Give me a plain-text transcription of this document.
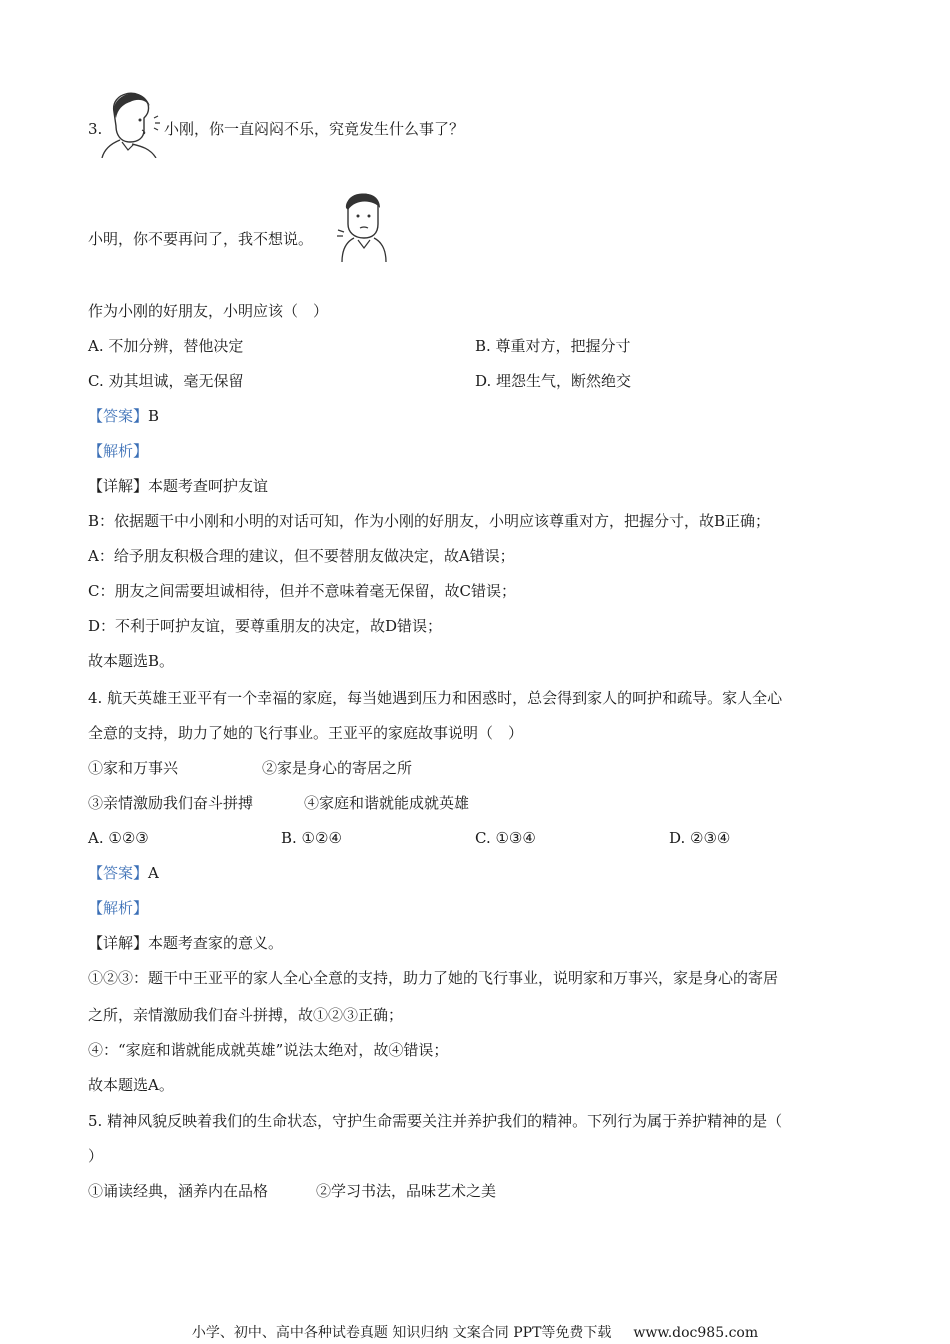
3.	小刚，你一直闷闷不乐，究竟发生什么事了？
小明，你不要再问了，我不想说。
作为小刚的好朋友，小明应该（　）
A. 不加分辨，替他决定	B. 尊重对方，把握分寸
C. 劝其坦诚，毫无保留	D. 埋怨生气，断然绝交
【答案】B
【解析】
【详解】本题考查呵护友谊
B：依据题干中小刚和小明的对话可知，作为小刚的好朋友，小明应该尊重对方，把握分寸，故B正确；
A：给予朋友积极合理的建议，但不要替朋友做决定，故A错误；
C：朋友之间需要坦诚相待，但并不意味着毫无保留，故C错误；
D：不利于呵护友谊，要尊重朋友的决定，故D错误；
故本题选B。
4. 航天英雄王亚平有一个幸福的家庭，每当她遇到压力和困惑时，总会得到家人的呵护和疏导。家人全心
全意的支持，助力了她的飞行事业。王亚平的家庭故事说明（　）
①家和万事兴	②家是身心的寄居之所
③亲情激励我们奋斗拼搏	④家庭和谐就能成就英雄
A. ①②③	B. ①②④	C. ①③④	D. ②③④
【答案】A
【解析】
【详解】本题考查家的意义。
①②③：题干中王亚平的家人全心全意的支持，助力了她的飞行事业，说明家和万事兴，家是身心的寄居
之所，亲情激励我们奋斗拼搏，故①②③正确；
④：“家庭和谐就能成就英雄”说法太绝对，故④错误；
故本题选A。
5. 精神风貌反映着我们的生命状态，守护生命需要关注并养护我们的精神。下列行为属于养护精神的是（
）
①诵读经典，涵养内在品格	②学习书法，品味艺术之美
小学、初中、高中各种试卷真题 知识归纳 文案合同 PPT等免费下载 www.doc985.com
